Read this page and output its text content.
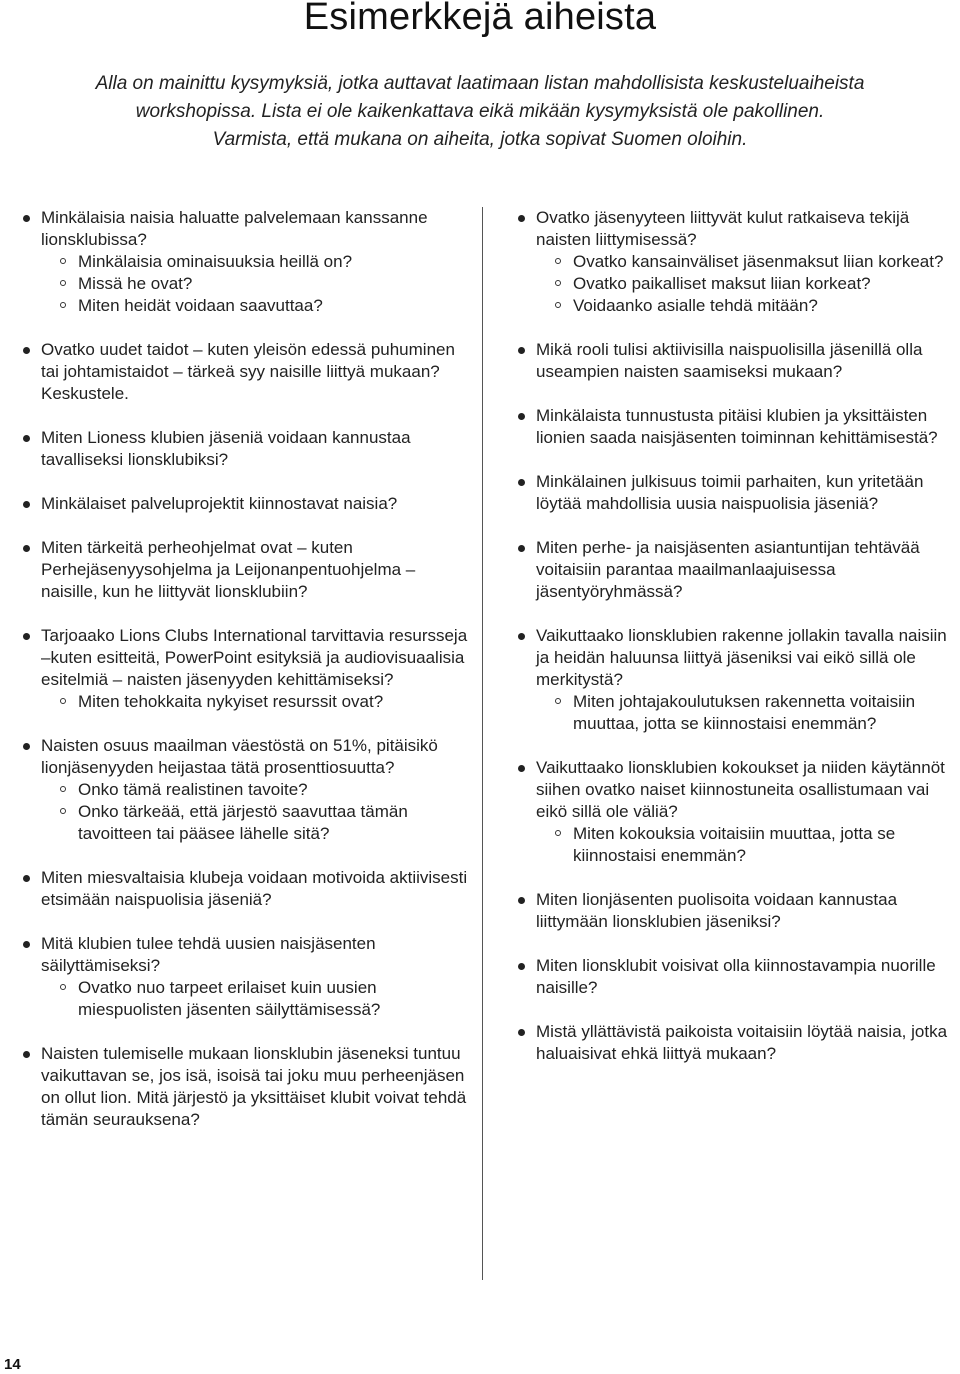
Esimerkkejä aiheista

Alla on mainittu kysymyksiä, jotka auttavat laatimaan listan mahdollisista keskusteluaiheista

workshopissa. Lista ei ole kaikenkattava eikä mikään kysymyksistä ole pakollinen.

Varmista, että mukana on aiheita, jotka sopivat Suomen oloihin.

Minkälaisia naisia haluatte palvelemaan kanssanne lionsklubissa?
Minkälaisia ominaisuuksia heillä on?
Missä he ovat?
Miten heidät voidaan saavuttaa?
Ovatko uudet taidot – kuten yleisön edessä puhuminen tai johtamistaidot – tärkeä syy naisille liittyä mukaan? Keskustele.
Miten Lioness klubien jäseniä voidaan kannustaa tavalliseksi lionsklubiksi?
Minkälaiset palveluprojektit kiinnostavat naisia?
Miten tärkeitä perheohjelmat ovat – kuten Perhejäsenyysohjelma ja Leijonanpentuohjelma – naisille, kun he liittyvät lionsklubiin?
Tarjoaako Lions Clubs International tarvittavia resursseja –kuten esitteitä, PowerPoint esityksiä ja audiovisuaalisia esitelmiä – naisten jäsenyyden kehittämiseksi?
Miten tehokkaita nykyiset resurssit ovat?
Naisten osuus maailman väestöstä on 51%, pitäisikö lionjäsenyyden heijastaa tätä prosenttiosuutta?
Onko tämä realistinen tavoite?
Onko tärkeää, että järjestö saavuttaa tämän tavoitteen tai pääsee lähelle sitä?
Miten miesvaltaisia klubeja voidaan motivoida aktiivisesti etsimään naispuolisia jäseniä?
Mitä klubien tulee tehdä uusien naisjäsenten säilyttämiseksi?
Ovatko nuo tarpeet erilaiset kuin uusien miespuolisten jäsenten säilyttämisessä?
Naisten tulemiselle mukaan lionsklubin jäseneksi tuntuu vaikuttavan se, jos isä, isoisä tai joku muu perheenjäsen on ollut lion. Mitä järjestö ja yksittäiset klubit voivat tehdä tämän seurauksena?
Ovatko jäsenyyteen liittyvät kulut ratkaiseva tekijä naisten liittymisessä?
Ovatko kansainväliset jäsenmaksut liian korkeat?
Ovatko paikalliset maksut liian korkeat?
Voidaanko asialle tehdä mitään?
Mikä rooli tulisi aktiivisilla naispuolisilla jäsenillä olla useampien naisten saamiseksi mukaan?
Minkälaista tunnustusta pitäisi klubien ja yksittäisten lionien saada naisjäsenten toiminnan kehittämisestä?
Minkälainen julkisuus toimii parhaiten, kun yritetään löytää mahdollisia uusia naispuolisia jäseniä?
Miten perhe- ja naisjäsenten asiantuntijan tehtävää voitaisiin parantaa maailmanlaajuisessa jäsentyöryhmässä?
Vaikuttaako lionsklubien rakenne jollakin tavalla naisiin ja heidän haluunsa liittyä jäseniksi vai eikö sillä ole merkitystä?
Miten johtajakoulutuksen rakennetta voitaisiin muuttaa, jotta se kiinnostaisi enemmän?
Vaikuttaako lionsklubien kokoukset ja niiden käytännöt siihen ovatko naiset kiinnostuneita osallistumaan vai eikö sillä ole väliä?
Miten kokouksia voitaisiin muuttaa, jotta se kiinnostaisi enemmän?
Miten lionjäsenten puolisoita voidaan kannustaa liittymään lionsklubien jäseniksi?
Miten lionsklubit voisivat olla kiinnostavampia nuorille naisille?
Mistä yllättävistä paikoista voitaisiin löytää naisia, jotka haluaisivat ehkä liittyä mukaan?
14
